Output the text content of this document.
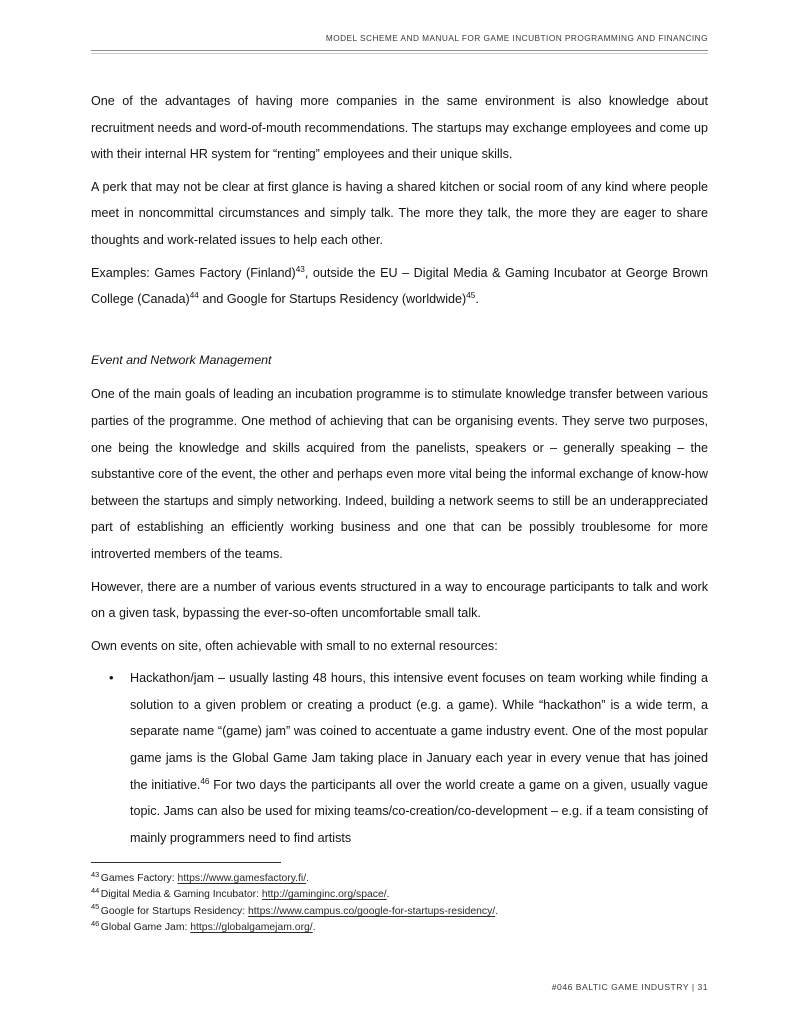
MODEL SCHEME AND MANUAL FOR GAME INCUBTION PROGRAMMING AND FINANCING

One of the advantages of having more companies in the same environment is also knowledge about recruitment needs and word-of-mouth recommendations. The startups may exchange employees and come up with their internal HR system for “renting” employees and their unique skills.

A perk that may not be clear at first glance is having a shared kitchen or social room of any kind where people meet in noncommittal circumstances and simply talk. The more they talk, the more they are eager to share thoughts and work-related issues to help each other.

Examples: Games Factory (Finland)$^{43}$, outside the EU – Digital Media & Gaming Incubator at George Brown College (Canada)$^{44}$ and Google for Startups Residency (worldwide)$^{45}$.

Event and Network Management

One of the main goals of leading an incubation programme is to stimulate knowledge transfer between various parties of the programme. One method of achieving that can be organising events. They serve two purposes, one being the knowledge and skills acquired from the panelists, speakers or – generally speaking – the substantive core of the event, the other and perhaps even more vital being the informal exchange of know-how between the startups and simply networking. Indeed, building a network seems to still be an underappreciated part of establishing an efficiently working business and one that can be possibly troublesome for more introverted members of the teams.

However, there are a number of various events structured in a way to encourage participants to talk and work on a given task, bypassing the ever-so-often uncomfortable small talk.

Own events on site, often achievable with small to no external resources:

• Hackathon/jam – usually lasting 48 hours, this intensive event focuses on team working while finding a solution to a given problem or creating a product (e.g. a game). While “hackathon” is a wide term, a separate name “(game) jam” was coined to accentuate a game industry event. One of the most popular game jams is the Global Game Jam taking place in January each year in every venue that has joined the initiative.$^{46}$ For two days the participants all over the world create a game on a given, usually vague topic. Jams can also be used for mixing teams/co-creation/co-development – e.g. if a team consisting of mainly programmers need to find artists
$^{43}$ Games Factory: https://www.gamesfactory.fi/.
$^{44}$ Digital Media & Gaming Incubator: http://gaminginc.org/space/.
$^{45}$ Google for Startups Residency: https://www.campus.co/google-for-startups-residency/.
$^{46}$ Global Game Jam: https://globalgamejam.org/.
#046 BALTIC GAME INDUSTRY | 31
